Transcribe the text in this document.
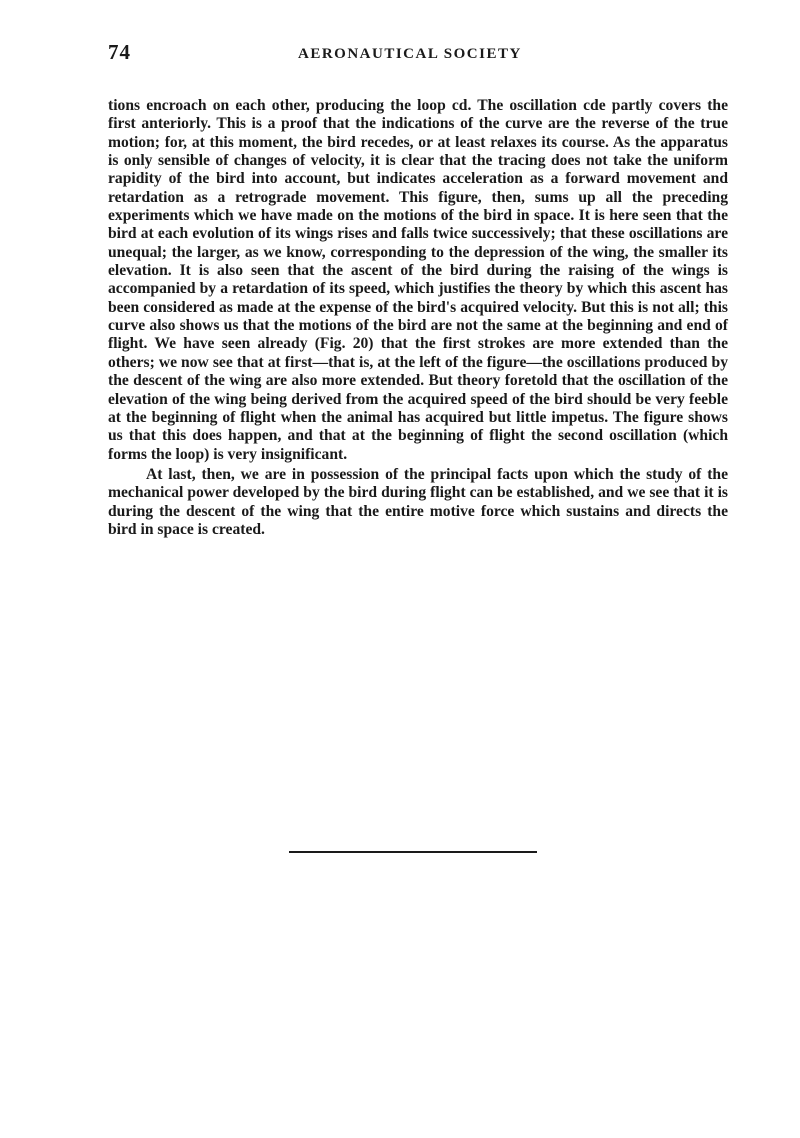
74	AERONAUTICAL SOCIETY

tions encroach on each other, producing the loop cd. The oscillation cde partly covers the first anteriorly. This is a proof that the indications of the curve are the reverse of the true motion; for, at this moment, the bird recedes, or at least relaxes its course. As the apparatus is only sensible of changes of velocity, it is clear that the tracing does not take the uniform rapidity of the bird into account, but indicates acceleration as a forward movement and retardation as a retrograde movement. This figure, then, sums up all the preceding experiments which we have made on the motions of the bird in space. It is here seen that the bird at each evolution of its wings rises and falls twice successively; that these oscillations are unequal; the larger, as we know, corresponding to the depression of the wing, the smaller its elevation. It is also seen that the ascent of the bird during the raising of the wings is accompanied by a retardation of its speed, which justifies the theory by which this ascent has been considered as made at the expense of the bird's acquired velocity. But this is not all; this curve also shows us that the motions of the bird are not the same at the beginning and end of flight. We have seen already (Fig. 20) that the first strokes are more extended than the others; we now see that at first—that is, at the left of the figure—the oscillations produced by the descent of the wing are also more extended. But theory foretold that the oscillation of the elevation of the wing being derived from the acquired speed of the bird should be very feeble at the beginning of flight when the animal has acquired but little impetus. The figure shows us that this does happen, and that at the beginning of flight the second oscillation (which forms the loop) is very insignificant.

At last, then, we are in possession of the principal facts upon which the study of the mechanical power developed by the bird during flight can be established, and we see that it is during the descent of the wing that the entire motive force which sustains and directs the bird in space is created.
